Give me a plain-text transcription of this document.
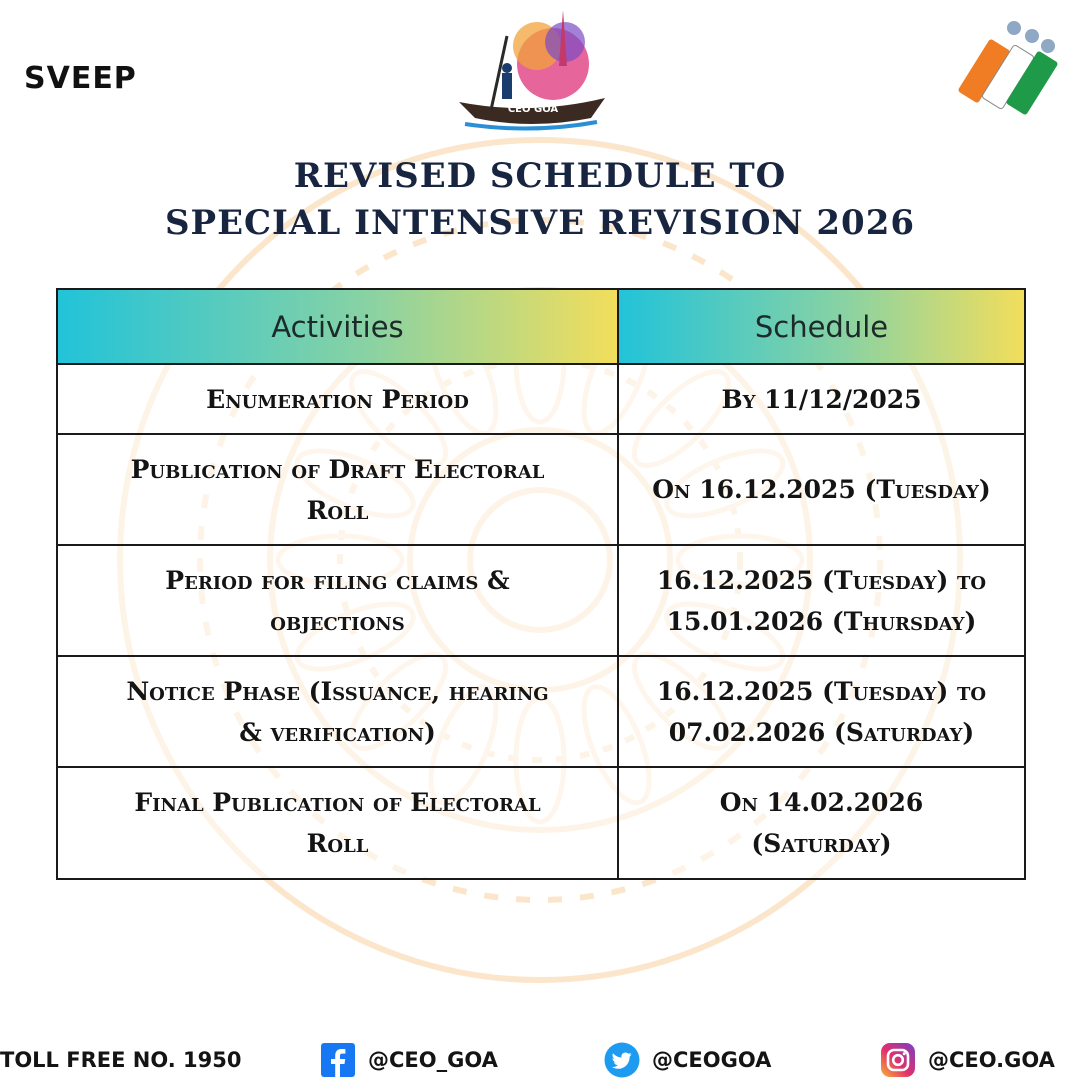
SVEEP
CEO GOA
REVISED SCHEDULE TO
SPECIAL INTENSIVE REVISION 2026
Activities	Schedule
Enumeration Period	By 11/12/2025
Publication of Draft Electoral
Roll	On 16.12.2025 (Tuesday)
Period for filing claims &
objections	16.12.2025 (Tuesday) to
15.01.2026 (Thursday)
Notice Phase (Issuance, hearing
& verification)	16.12.2025 (Tuesday) to
07.02.2026 (Saturday)
Final Publication of Electoral
Roll	On 14.02.2026
(Saturday)
TOLL FREE NO. 1950	@CEO_GOA	@CEOGOA	@CEO.GOA
